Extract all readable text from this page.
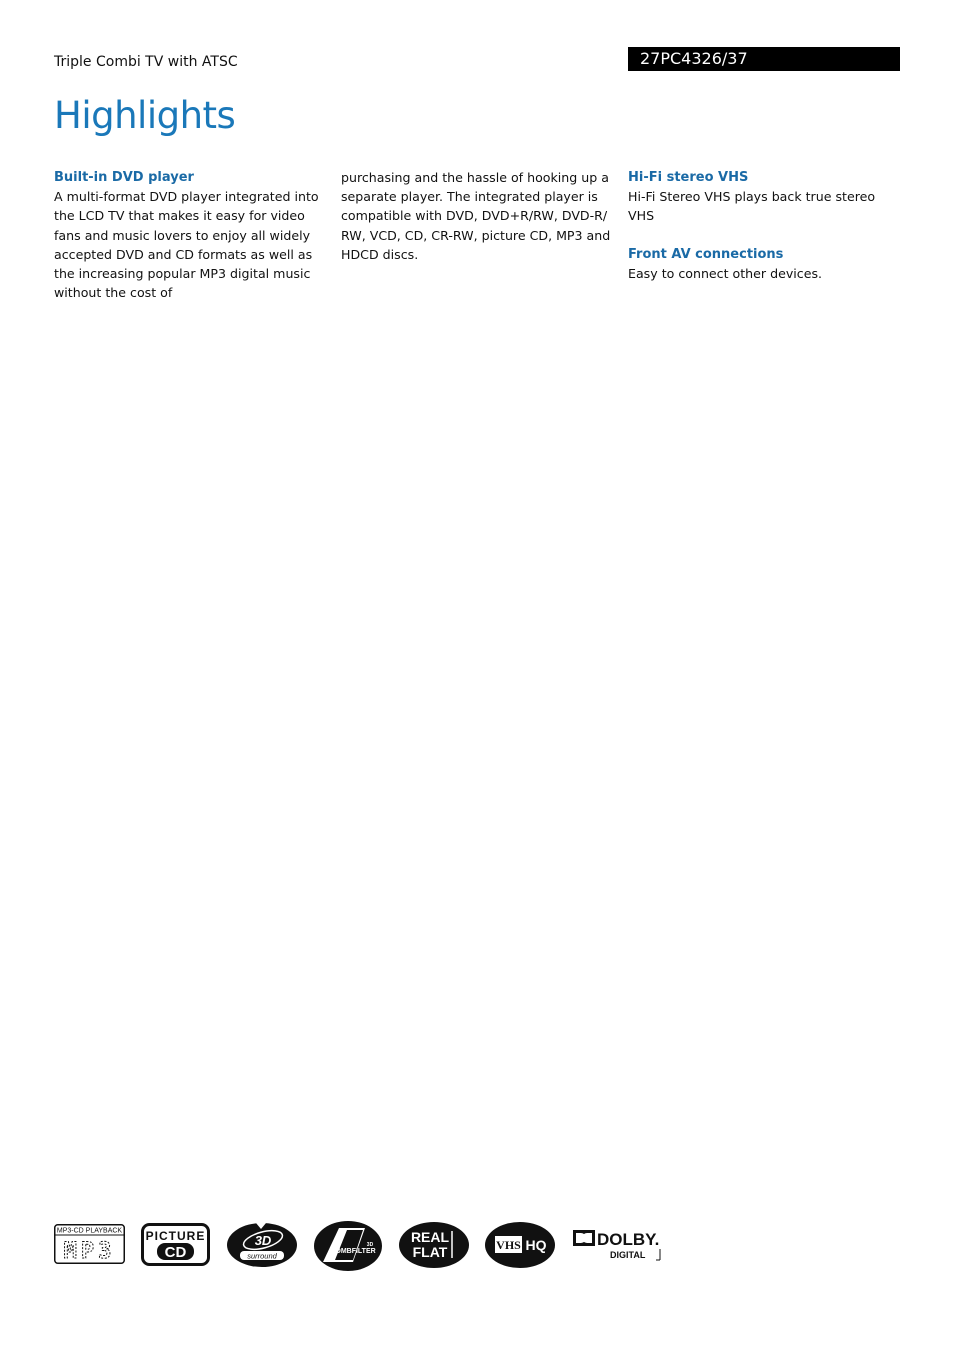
Triple Combi TV with ATSC	27PC4326/37
Highlights

Built-in DVD player

A multi-format DVD player integrated into the LCD TV that makes it easy for video fans and music lovers to enjoy all widely accepted DVD and CD formats as well as the increasing popular MP3 digital music without the cost of

purchasing and the hassle of hooking up a separate player. The integrated player is compatible with DVD, DVD+R/RW, DVD-R/ RW, VCD, CD, CR-RW, picture CD, MP3 and HDCD discs.

Hi-Fi stereo VHS

Hi-Fi Stereo VHS plays back true stereo VHS

Front AV connections

Easy to connect other devices.

MP3-CD PLAYBACK
MP3
PICTURE
CD
3D
surround
3D
COMBFILTER
REAL
FLAT	VHS HQ	DOLBY.
DIGITAL
